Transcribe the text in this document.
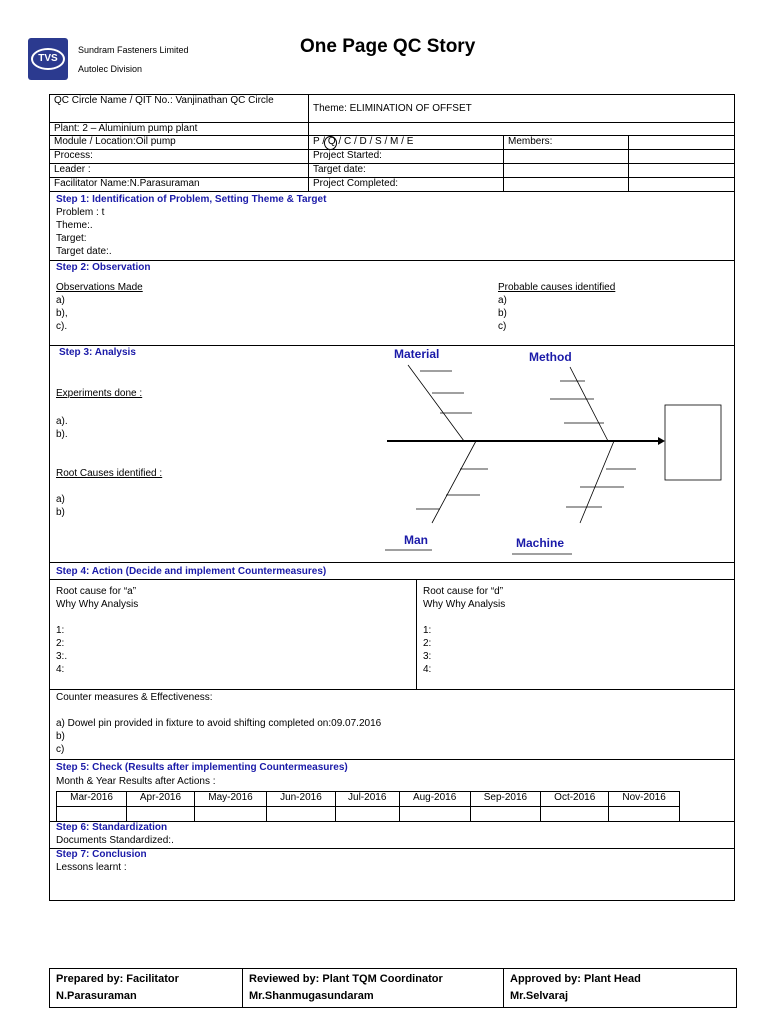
TVS
Sundram Fasteners Limited
Autolec Division
One Page QC Story
QC Circle Name / QIT No.: Vanjinathan QC Circle	Theme: ELIMINATION OF OFFSET		
Plant: 2 – Aluminium pump plant			
Module / Location:Oil pump	P / Q / C / D / S / M / E	Members:	
Process:	Project Started:		
Leader :	Target date:		
Facilitator Name:N.Parasuraman	Project Completed:		
Step 1: Identification of Problem, Setting Theme & Target
Problem : t
Theme:.
Target:
Target date:.
Step 2: Observation
Observations Made
a)
b),
c).
Probable causes identified
a)
b)
c)
Step 3: Analysis
Experiments done :
a).
b).
Root Causes identified :
a)
b)
Material	Method
Man	Machine
Step 4: Action (Decide and implement Countermeasures)
Root cause for “a”
Why Why Analysis
1:
2:
3:.
4:
Root cause for “d”
Why Why Analysis
1:
2:
3:
4:
Counter measures & Effectiveness:
a) Dowel pin provided in fixture to avoid shifting completed on:09.07.2016
b)
c)
Step 5: Check (Results after implementing Countermeasures)
Month & Year Results after Actions :
Mar-2016	Apr-2016	May-2016	Jun-2016	Jul-2016	Aug-2016	Sep-2016	Oct-2016	Nov-2016

Step 6: Standardization
Documents Standardized:.
Step 7: Conclusion
Lessons learnt :
Prepared by: Facilitator
N.Parasuraman

Reviewed by: Plant TQM Coordinator
Mr.Shanmugasundaram

Approved by: Plant Head
Mr.Selvaraj
